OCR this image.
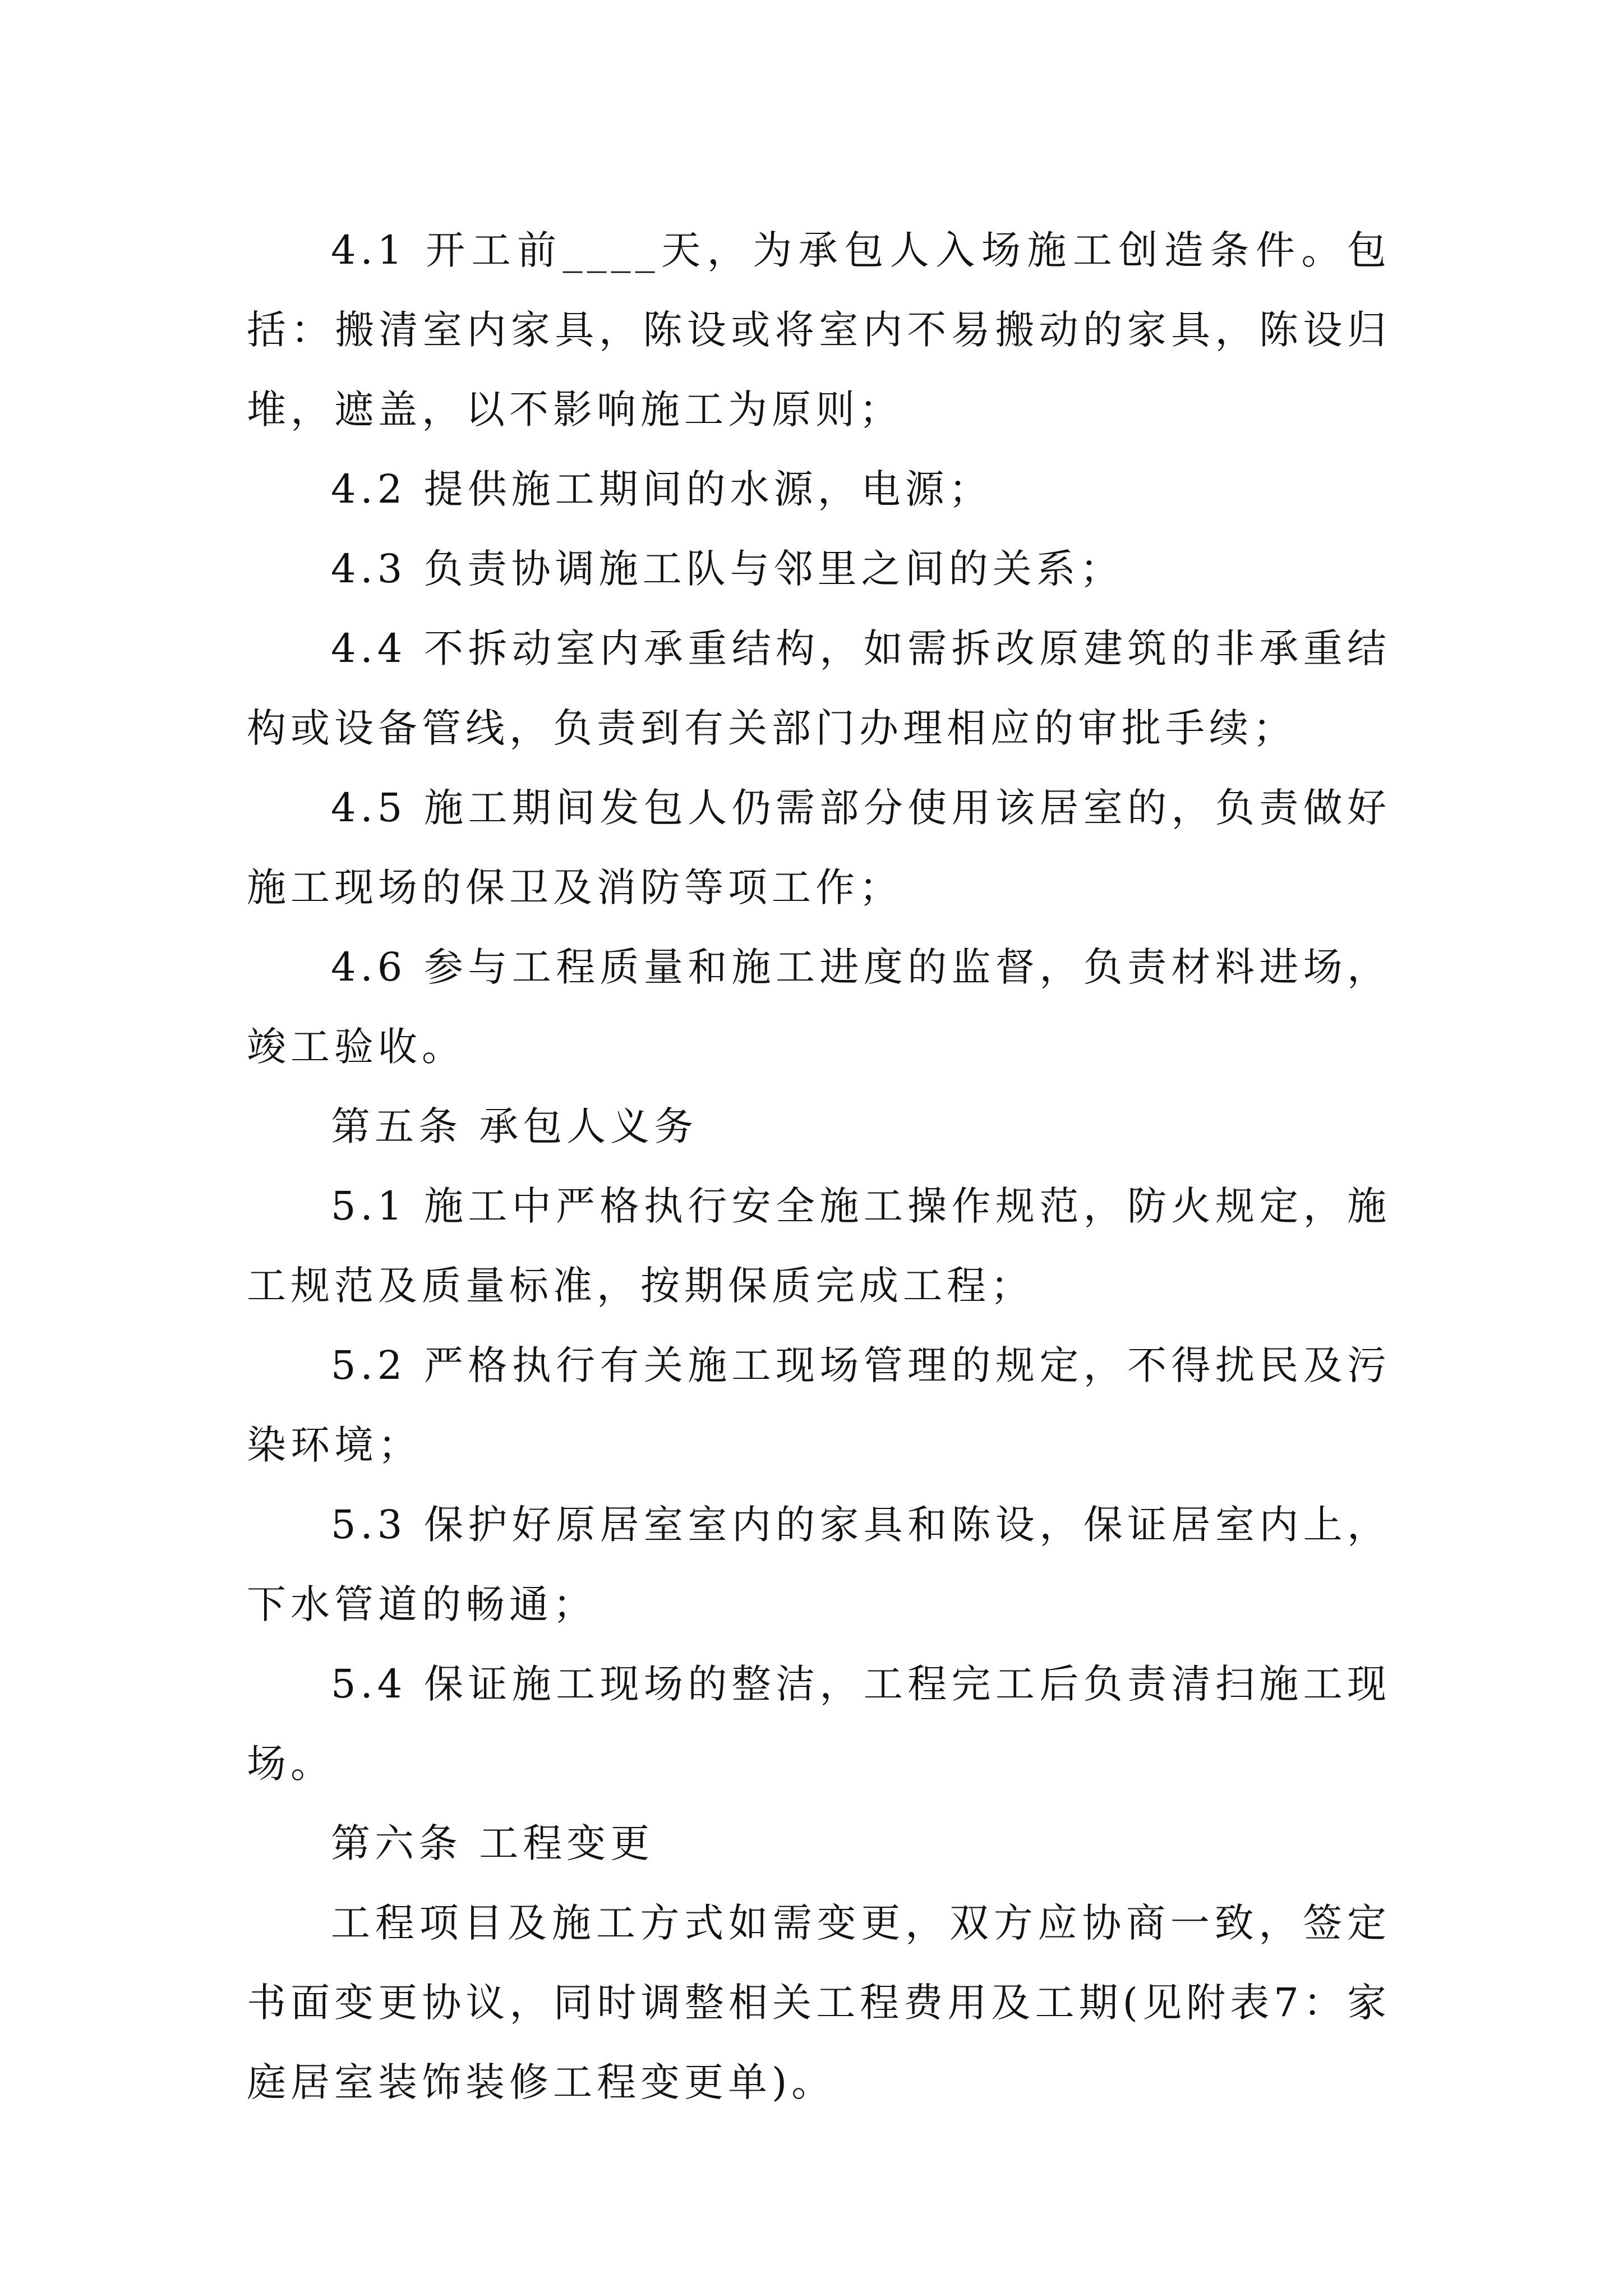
4.1 开工前____天，为承包人入场施工创造条件。包括：搬清室内家具，陈设或将室内不易搬动的家具，陈设归堆，遮盖，以不影响施工为原则；

4.2 提供施工期间的水源，电源；

4.3 负责协调施工队与邻里之间的关系；

4.4 不拆动室内承重结构，如需拆改原建筑的非承重结构或设备管线，负责到有关部门办理相应的审批手续；

4.5 施工期间发包人仍需部分使用该居室的，负责做好施工现场的保卫及消防等项工作；

4.6 参与工程质量和施工进度的监督，负责材料进场，竣工验收。

第五条 承包人义务

5.1 施工中严格执行安全施工操作规范，防火规定，施工规范及质量标准，按期保质完成工程；

5.2 严格执行有关施工现场管理的规定，不得扰民及污染环境；

5.3 保护好原居室室内的家具和陈设，保证居室内上，下水管道的畅通；

5.4 保证施工现场的整洁，工程完工后负责清扫施工现场。

第六条 工程变更

工程项目及施工方式如需变更，双方应协商一致，签定书面变更协议，同时调整相关工程费用及工期(见附表7：家庭居室装饰装修工程变更单)。
